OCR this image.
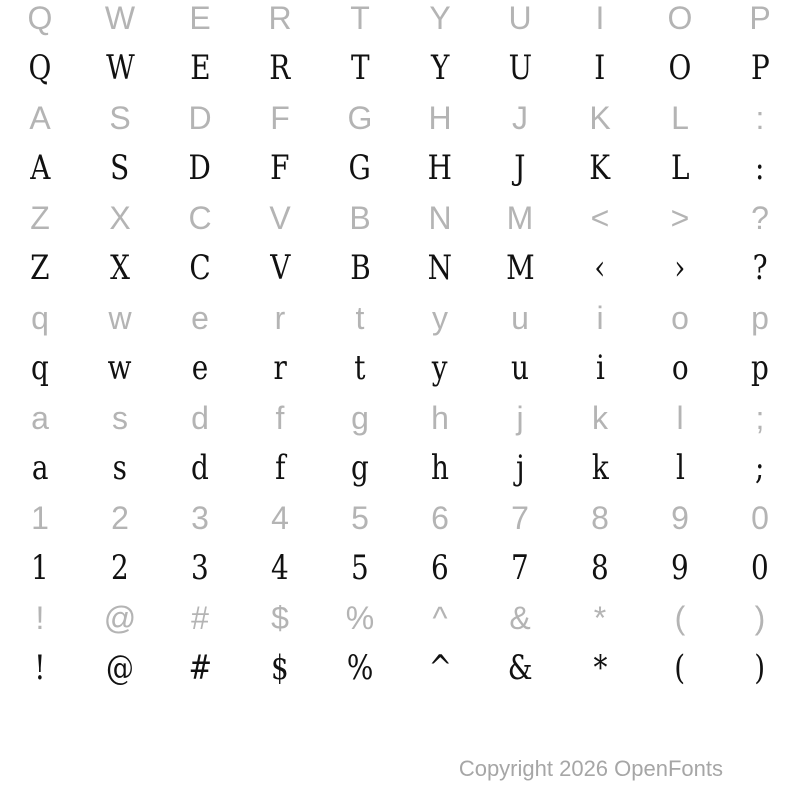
Q W E R T Y U I O P
Q W E R T Y U I O P
A S D F G H J K L :
A S D F G H J K L :
Z X C V B N M < > ?
Z X C V B N M ‹ › ?
q w e r t y u i o p
q w e r t y u i o p
a s d f g h j k l ;
a s d f g h j k l ;
1 2 3 4 5 6 7 8 9 0
1 2 3 4 5 6 7 8 9 0
! @ # $ % ^ & * ( )
! @ # $ % ^ & * ( )
Copyright 2026 OpenFonts
